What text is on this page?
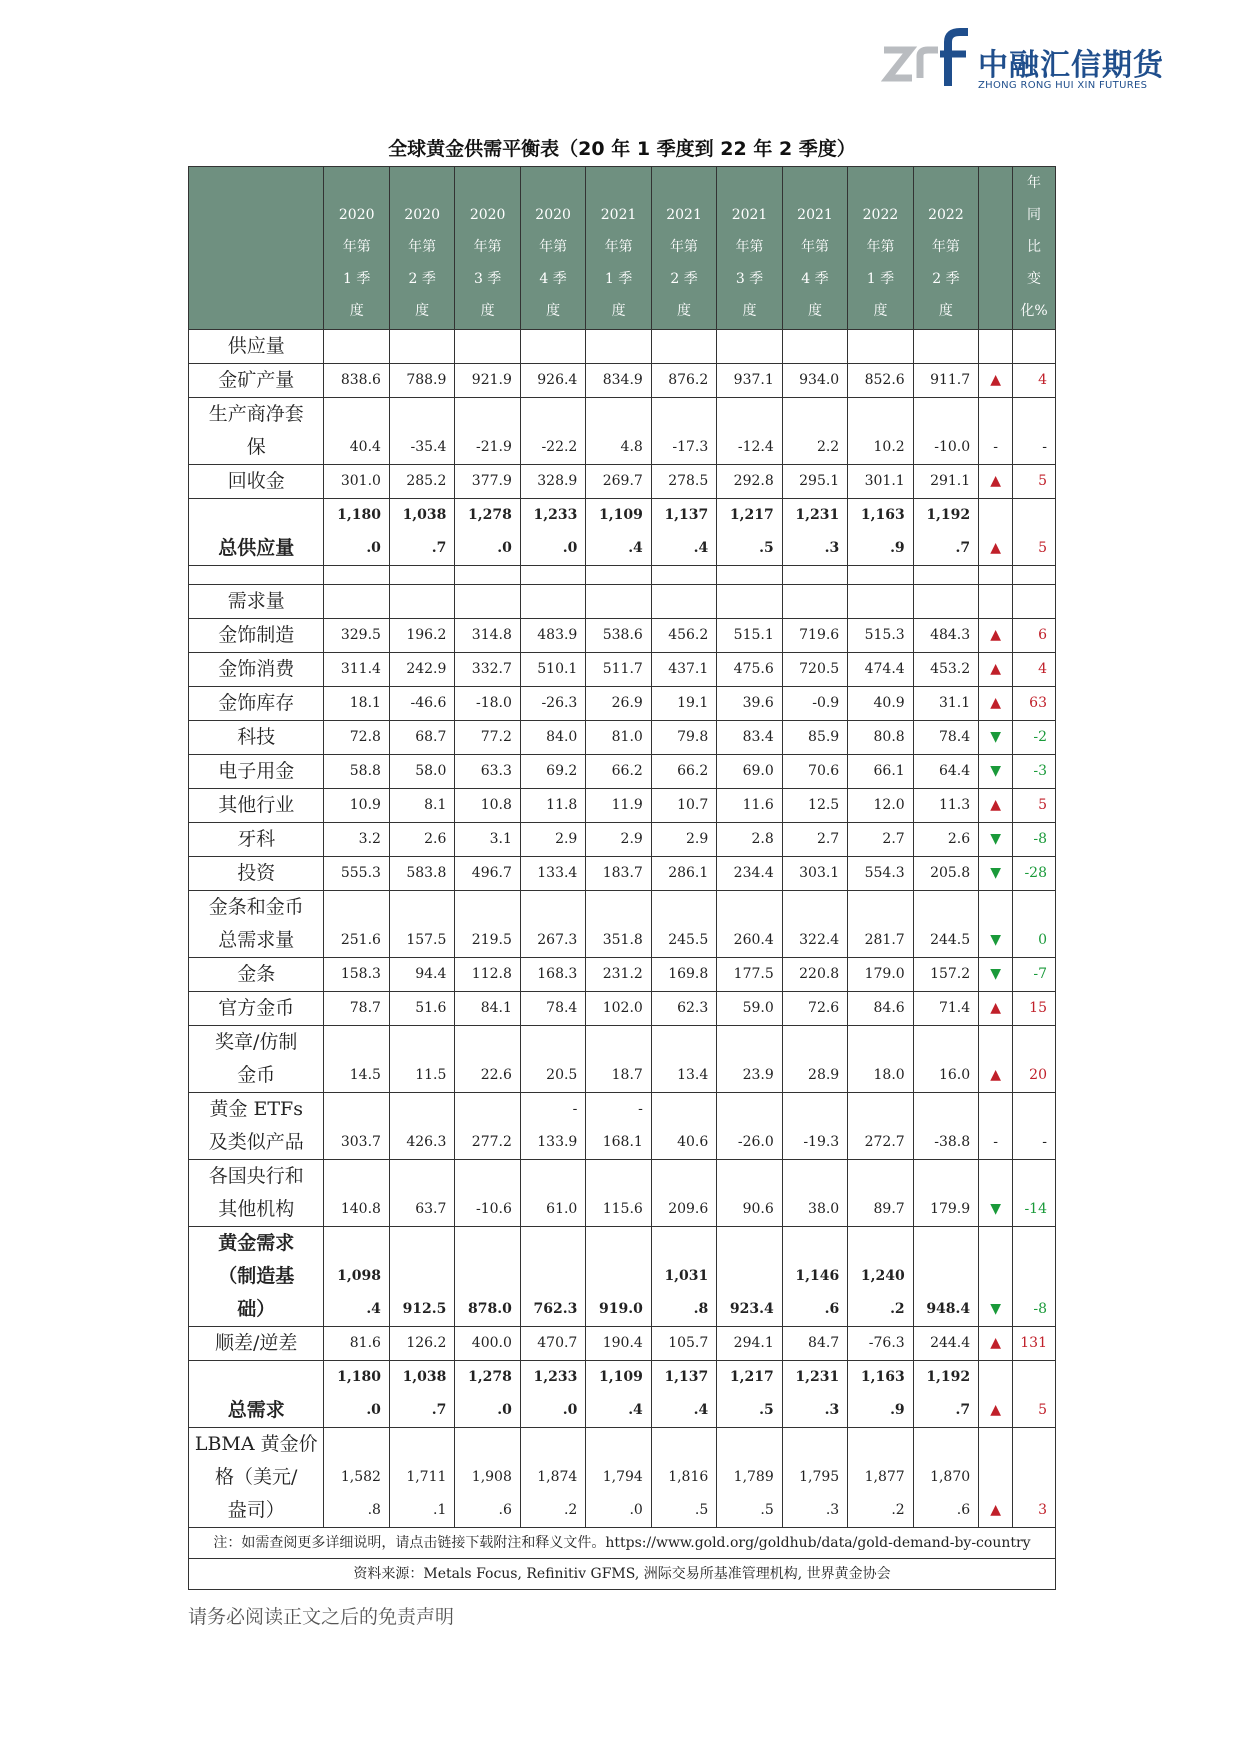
中融汇信期货
ZHONG RONG HUI XIN FUTURES
全球黄金供需平衡表（20 年 1 季度到 22 年 2 季度）

	2020
年第
1 季
度	2020
年第
2 季
度	2020
年第
3 季
度	2020
年第
4 季
度	2021
年第
1 季
度	2021
年第
2 季
度	2021
年第
3 季
度	2021
年第
4 季
度	2022
年第
1 季
度	2022
年第
2 季
度		年
同
比
变
化%

供应量												
金矿产量	838.6	788.9	921.9	926.4	834.9	876.2	937.1	934.0	852.6	911.7	▲	4
生产商净套
保	40.4	-35.4	-21.9	-22.2	4.8	-17.3	-12.4	2.2	10.2	-10.0	-	-
回收金	301.0	285.2	377.9	328.9	269.7	278.5	292.8	295.1	301.1	291.1	▲	5
总供应量	1,180
.0	1,038
.7	1,278
.0	1,233
.0	1,109
.4	1,137
.4	1,217
.5	1,231
.3	1,163
.9	1,192
.7	▲	5

需求量												
金饰制造	329.5	196.2	314.8	483.9	538.6	456.2	515.1	719.6	515.3	484.3	▲	6
金饰消费	311.4	242.9	332.7	510.1	511.7	437.1	475.6	720.5	474.4	453.2	▲	4
金饰库存	18.1	-46.6	-18.0	-26.3	26.9	19.1	39.6	-0.9	40.9	31.1	▲	63
科技	72.8	68.7	77.2	84.0	81.0	79.8	83.4	85.9	80.8	78.4	▼	-2
电子用金	58.8	58.0	63.3	69.2	66.2	66.2	69.0	70.6	66.1	64.4	▼	-3
其他行业	10.9	8.1	10.8	11.8	11.9	10.7	11.6	12.5	12.0	11.3	▲	5
牙科	3.2	2.6	3.1	2.9	2.9	2.9	2.8	2.7	2.7	2.6	▼	-8
投资	555.3	583.8	496.7	133.4	183.7	286.1	234.4	303.1	554.3	205.8	▼	-28
金条和金币
总需求量	251.6	157.5	219.5	267.3	351.8	245.5	260.4	322.4	281.7	244.5	▼	0
金条	158.3	94.4	112.8	168.3	231.2	169.8	177.5	220.8	179.0	157.2	▼	-7
官方金币	78.7	51.6	84.1	78.4	102.0	62.3	59.0	72.6	84.6	71.4	▲	15
奖章/仿制
金币	14.5	11.5	22.6	20.5	18.7	13.4	23.9	28.9	18.0	16.0	▲	20
黄金 ETFs
及类似产品	303.7	426.3	277.2	-
133.9	-
168.1	40.6	-26.0	-19.3	272.7	-38.8	-	-
各国央行和
其他机构	140.8	63.7	-10.6	61.0	115.6	209.6	90.6	38.0	89.7	179.9	▼	-14
黄金需求
（制造基
础）	1,098
.4	912.5	878.0	762.3	919.0	1,031
.8	923.4	1,146
.6	1,240
.2	948.4	▼	-8
顺差/逆差	81.6	126.2	400.0	470.7	190.4	105.7	294.1	84.7	-76.3	244.4	▲	131
总需求	1,180
.0	1,038
.7	1,278
.0	1,233
.0	1,109
.4	1,137
.4	1,217
.5	1,231
.3	1,163
.9	1,192
.7	▲	5
LBMA 黄金价
格（美元/
盎司）	1,582
.8	1,711
.1	1,908
.6	1,874
.2	1,794
.0	1,816
.5	1,789
.5	1,795
.3	1,877
.2	1,870
.6	▲	3
注：如需查阅更多详细说明，请点击链接下载附注和释义文件。https://www.gold.org/goldhub/data/gold-demand-by-country												
资料来源：Metals Focus, Refinitiv GFMS, 洲际交易所基准管理机构, 世界黄金协会												
请务必阅读正文之后的免责声明
